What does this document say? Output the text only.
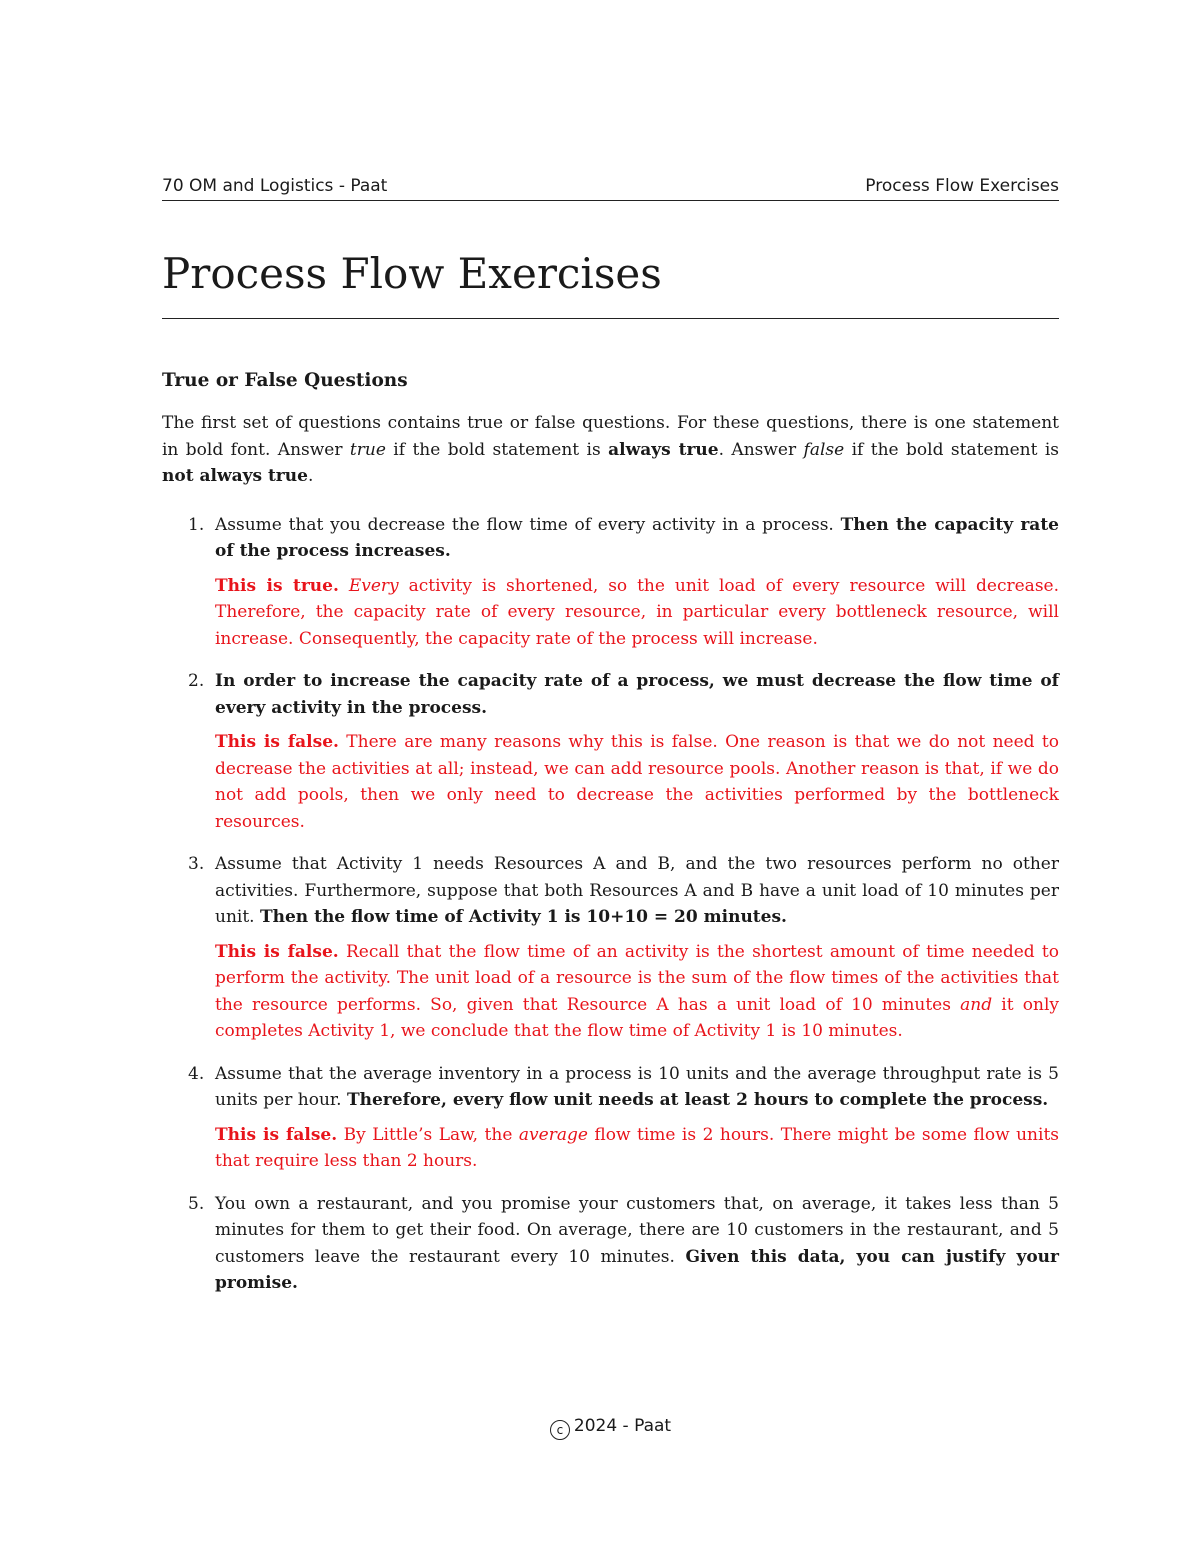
70 OM and Logistics - Paat	Process Flow Exercises
Process Flow Exercises
True or False Questions

The first set of questions contains true or false questions. For these questions, there is one statement in bold font. Answer true if the bold statement is always true. Answer false if the bold statement is not always true.

1. Assume that you decrease the flow time of every activity in a process. Then the capacity rate of the process increases.

This is true. Every activity is shortened, so the unit load of every resource will decrease. Therefore, the capacity rate of every resource, in particular every bottleneck resource, will increase. Consequently, the capacity rate of the process will increase.

2. In order to increase the capacity rate of a process, we must decrease the flow time of every activity in the process.

This is false. There are many reasons why this is false. One reason is that we do not need to decrease the activities at all; instead, we can add resource pools. Another reason is that, if we do not add pools, then we only need to decrease the activities performed by the bottleneck resources.

3. Assume that Activity 1 needs Resources A and B, and the two resources perform no other activities. Furthermore, suppose that both Resources A and B have a unit load of 10 minutes per unit. Then the flow time of Activity 1 is 10+10 = 20 minutes.

This is false. Recall that the flow time of an activity is the shortest amount of time needed to perform the activity. The unit load of a resource is the sum of the flow times of the activities that the resource performs. So, given that Resource A has a unit load of 10 minutes and it only completes Activity 1, we conclude that the flow time of Activity 1 is 10 minutes.

4. Assume that the average inventory in a process is 10 units and the average throughput rate is 5 units per hour. Therefore, every flow unit needs at least 2 hours to complete the process.

This is false. By Little’s Law, the average flow time is 2 hours. There might be some flow units that require less than 2 hours.

5. You own a restaurant, and you promise your customers that, on average, it takes less than 5 minutes for them to get their food. On average, there are 10 customers in the restaurant, and 5 customers leave the restaurant every 10 minutes. Given this data, you can justify your promise.

c 2024 - Paat
